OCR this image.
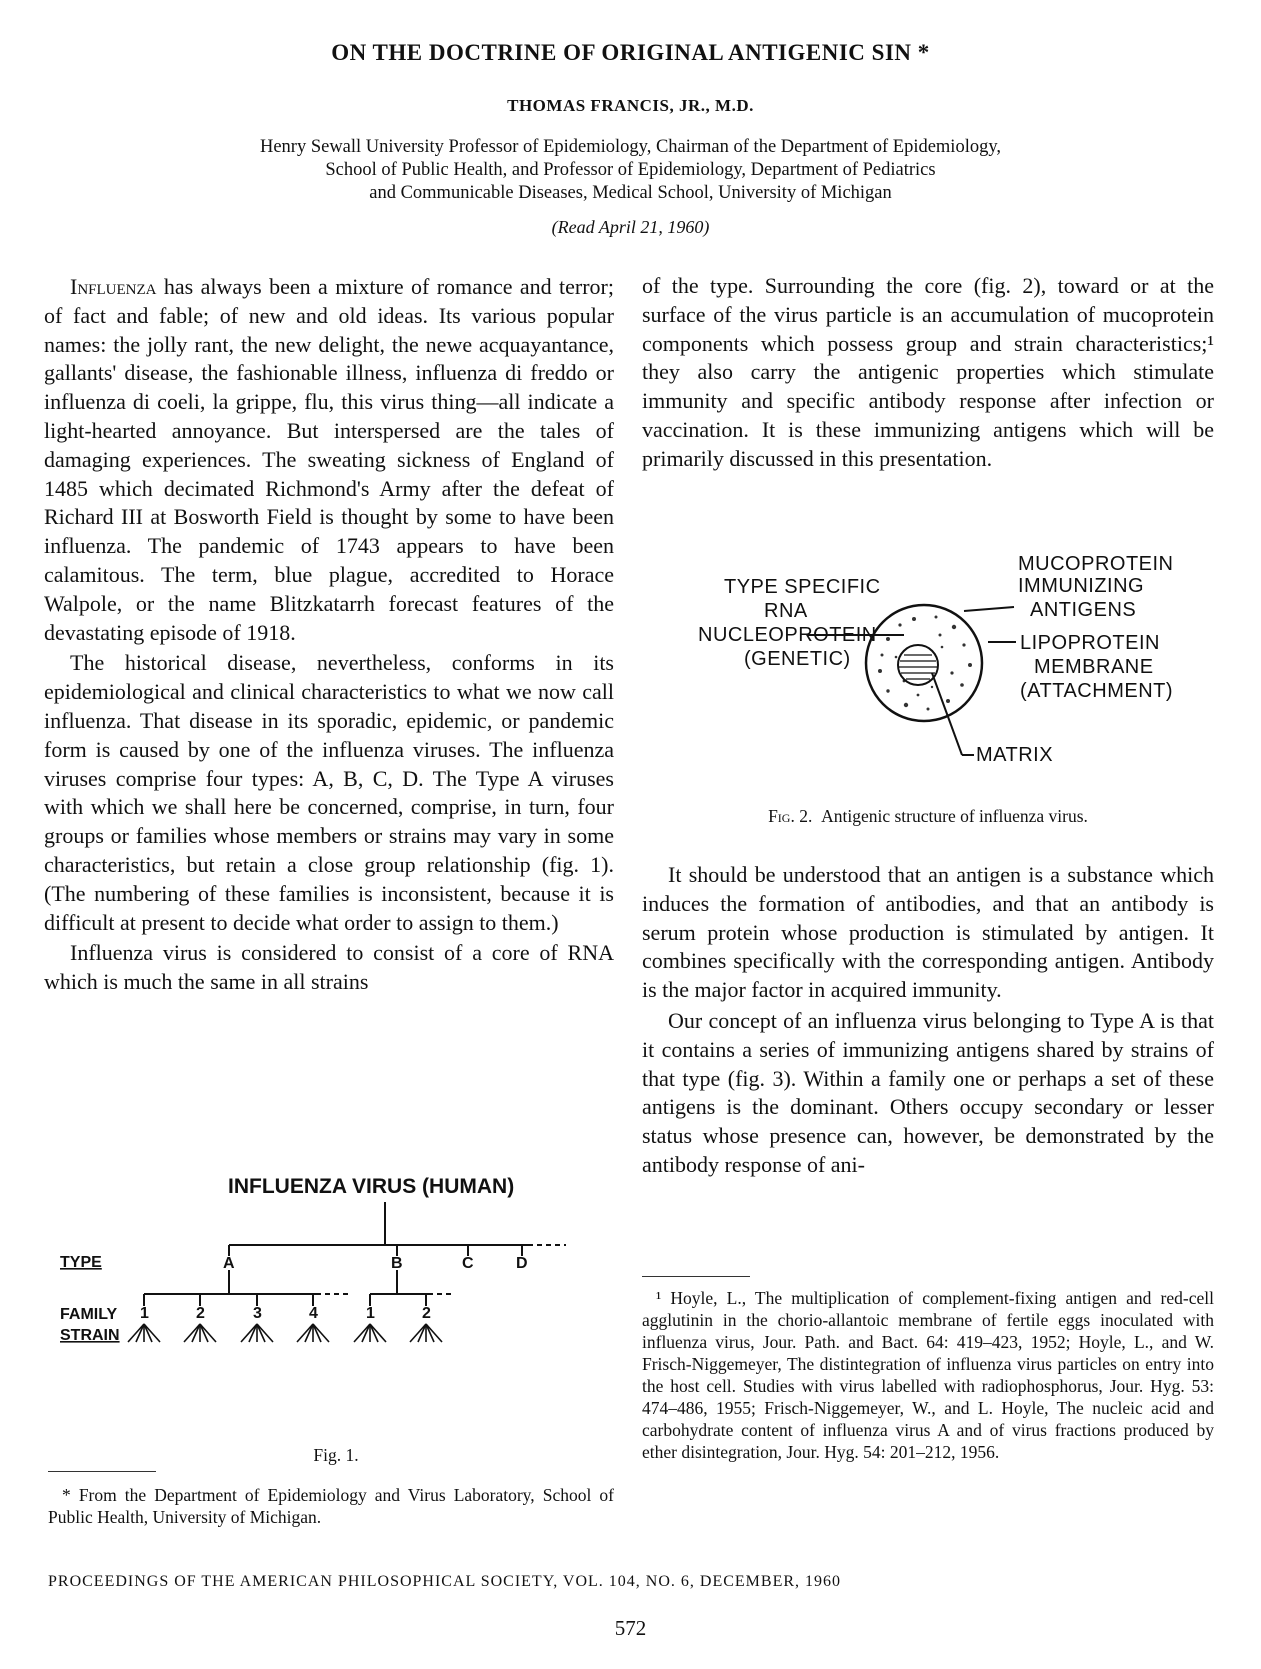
ON THE DOCTRINE OF ORIGINAL ANTIGENIC SIN *
THOMAS FRANCIS, JR., M.D.
Henry Sewall University Professor of Epidemiology, Chairman of the Department of Epidemiology,
School of Public Health, and Professor of Epidemiology, Department of Pediatrics
and Communicable Diseases, Medical School, University of Michigan
(Read April 21, 1960)

Influenza has always been a mixture of romance and terror; of fact and fable; of new and old ideas. Its various popular names: the jolly rant, the new delight, the newe acquayantance, gallants' disease, the fashionable illness, influenza di freddo or influenza di coeli, la grippe, flu, this virus thing—all indicate a light-hearted annoyance. But interspersed are the tales of damaging experiences. The sweating sickness of England of 1485 which decimated Richmond's Army after the defeat of Richard III at Bosworth Field is thought by some to have been influenza. The pandemic of 1743 appears to have been calamitous. The term, blue plague, accredited to Horace Walpole, or the name Blitzkatarrh forecast features of the devastating episode of 1918.

The historical disease, nevertheless, conforms in its epidemiological and clinical characteristics to what we now call influenza. That disease in its sporadic, epidemic, or pandemic form is caused by one of the influenza viruses. The influenza viruses comprise four types: A, B, C, D. The Type A viruses with which we shall here be concerned, comprise, in turn, four groups or families whose members or strains may vary in some characteristics, but retain a close group relationship (fig. 1). (The numbering of these families is inconsistent, because it is difficult at present to decide what order to assign to them.)

Influenza virus is considered to consist of a core of RNA which is much the same in all strains

INFLUENZA VIRUS (HUMAN)
TYPE	A	B	C	D
FAMILY
STRAIN
1	2	3	4	1	2
Fig. 1.

* From the Department of Epidemiology and Virus Laboratory, School of Public Health, University of Michigan.

of the type. Surrounding the core (fig. 2), toward or at the surface of the virus particle is an accumulation of mucoprotein components which possess group and strain characteristics;¹ they also carry the antigenic properties which stimulate immunity and specific antibody response after infection or vaccination. It is these immunizing antigens which will be primarily discussed in this presentation.

TYPE SPECIFIC
RNA
NUCLEOPROTEIN
(GENETIC)
MUCOPROTEIN
IMMUNIZING
ANTIGENS
LIPOPROTEIN
MEMBRANE
(ATTACHMENT)
MATRIX
Fig. 2. Antigenic structure of influenza virus.

It should be understood that an antigen is a substance which induces the formation of antibodies, and that an antibody is serum protein whose production is stimulated by antigen. It combines specifically with the corresponding antigen. Antibody is the major factor in acquired immunity.

Our concept of an influenza virus belonging to Type A is that it contains a series of immunizing antigens shared by strains of that type (fig. 3). Within a family one or perhaps a set of these antigens is the dominant. Others occupy secondary or lesser status whose presence can, however, be demonstrated by the antibody response of ani-

¹ Hoyle, L., The multiplication of complement-fixing antigen and red-cell agglutinin in the chorio-allantoic membrane of fertile eggs inoculated with influenza virus, Jour. Path. and Bact. 64: 419–423, 1952; Hoyle, L., and W. Frisch-Niggemeyer, The distintegration of influenza virus particles on entry into the host cell. Studies with virus labelled with radiophosphorus, Jour. Hyg. 53: 474–486, 1955; Frisch-Niggemeyer, W., and L. Hoyle, The nucleic acid and carbohydrate content of influenza virus A and of virus fractions produced by ether disintegration, Jour. Hyg. 54: 201–212, 1956.

PROCEEDINGS OF THE AMERICAN PHILOSOPHICAL SOCIETY, VOL. 104, NO. 6, DECEMBER, 1960
572
